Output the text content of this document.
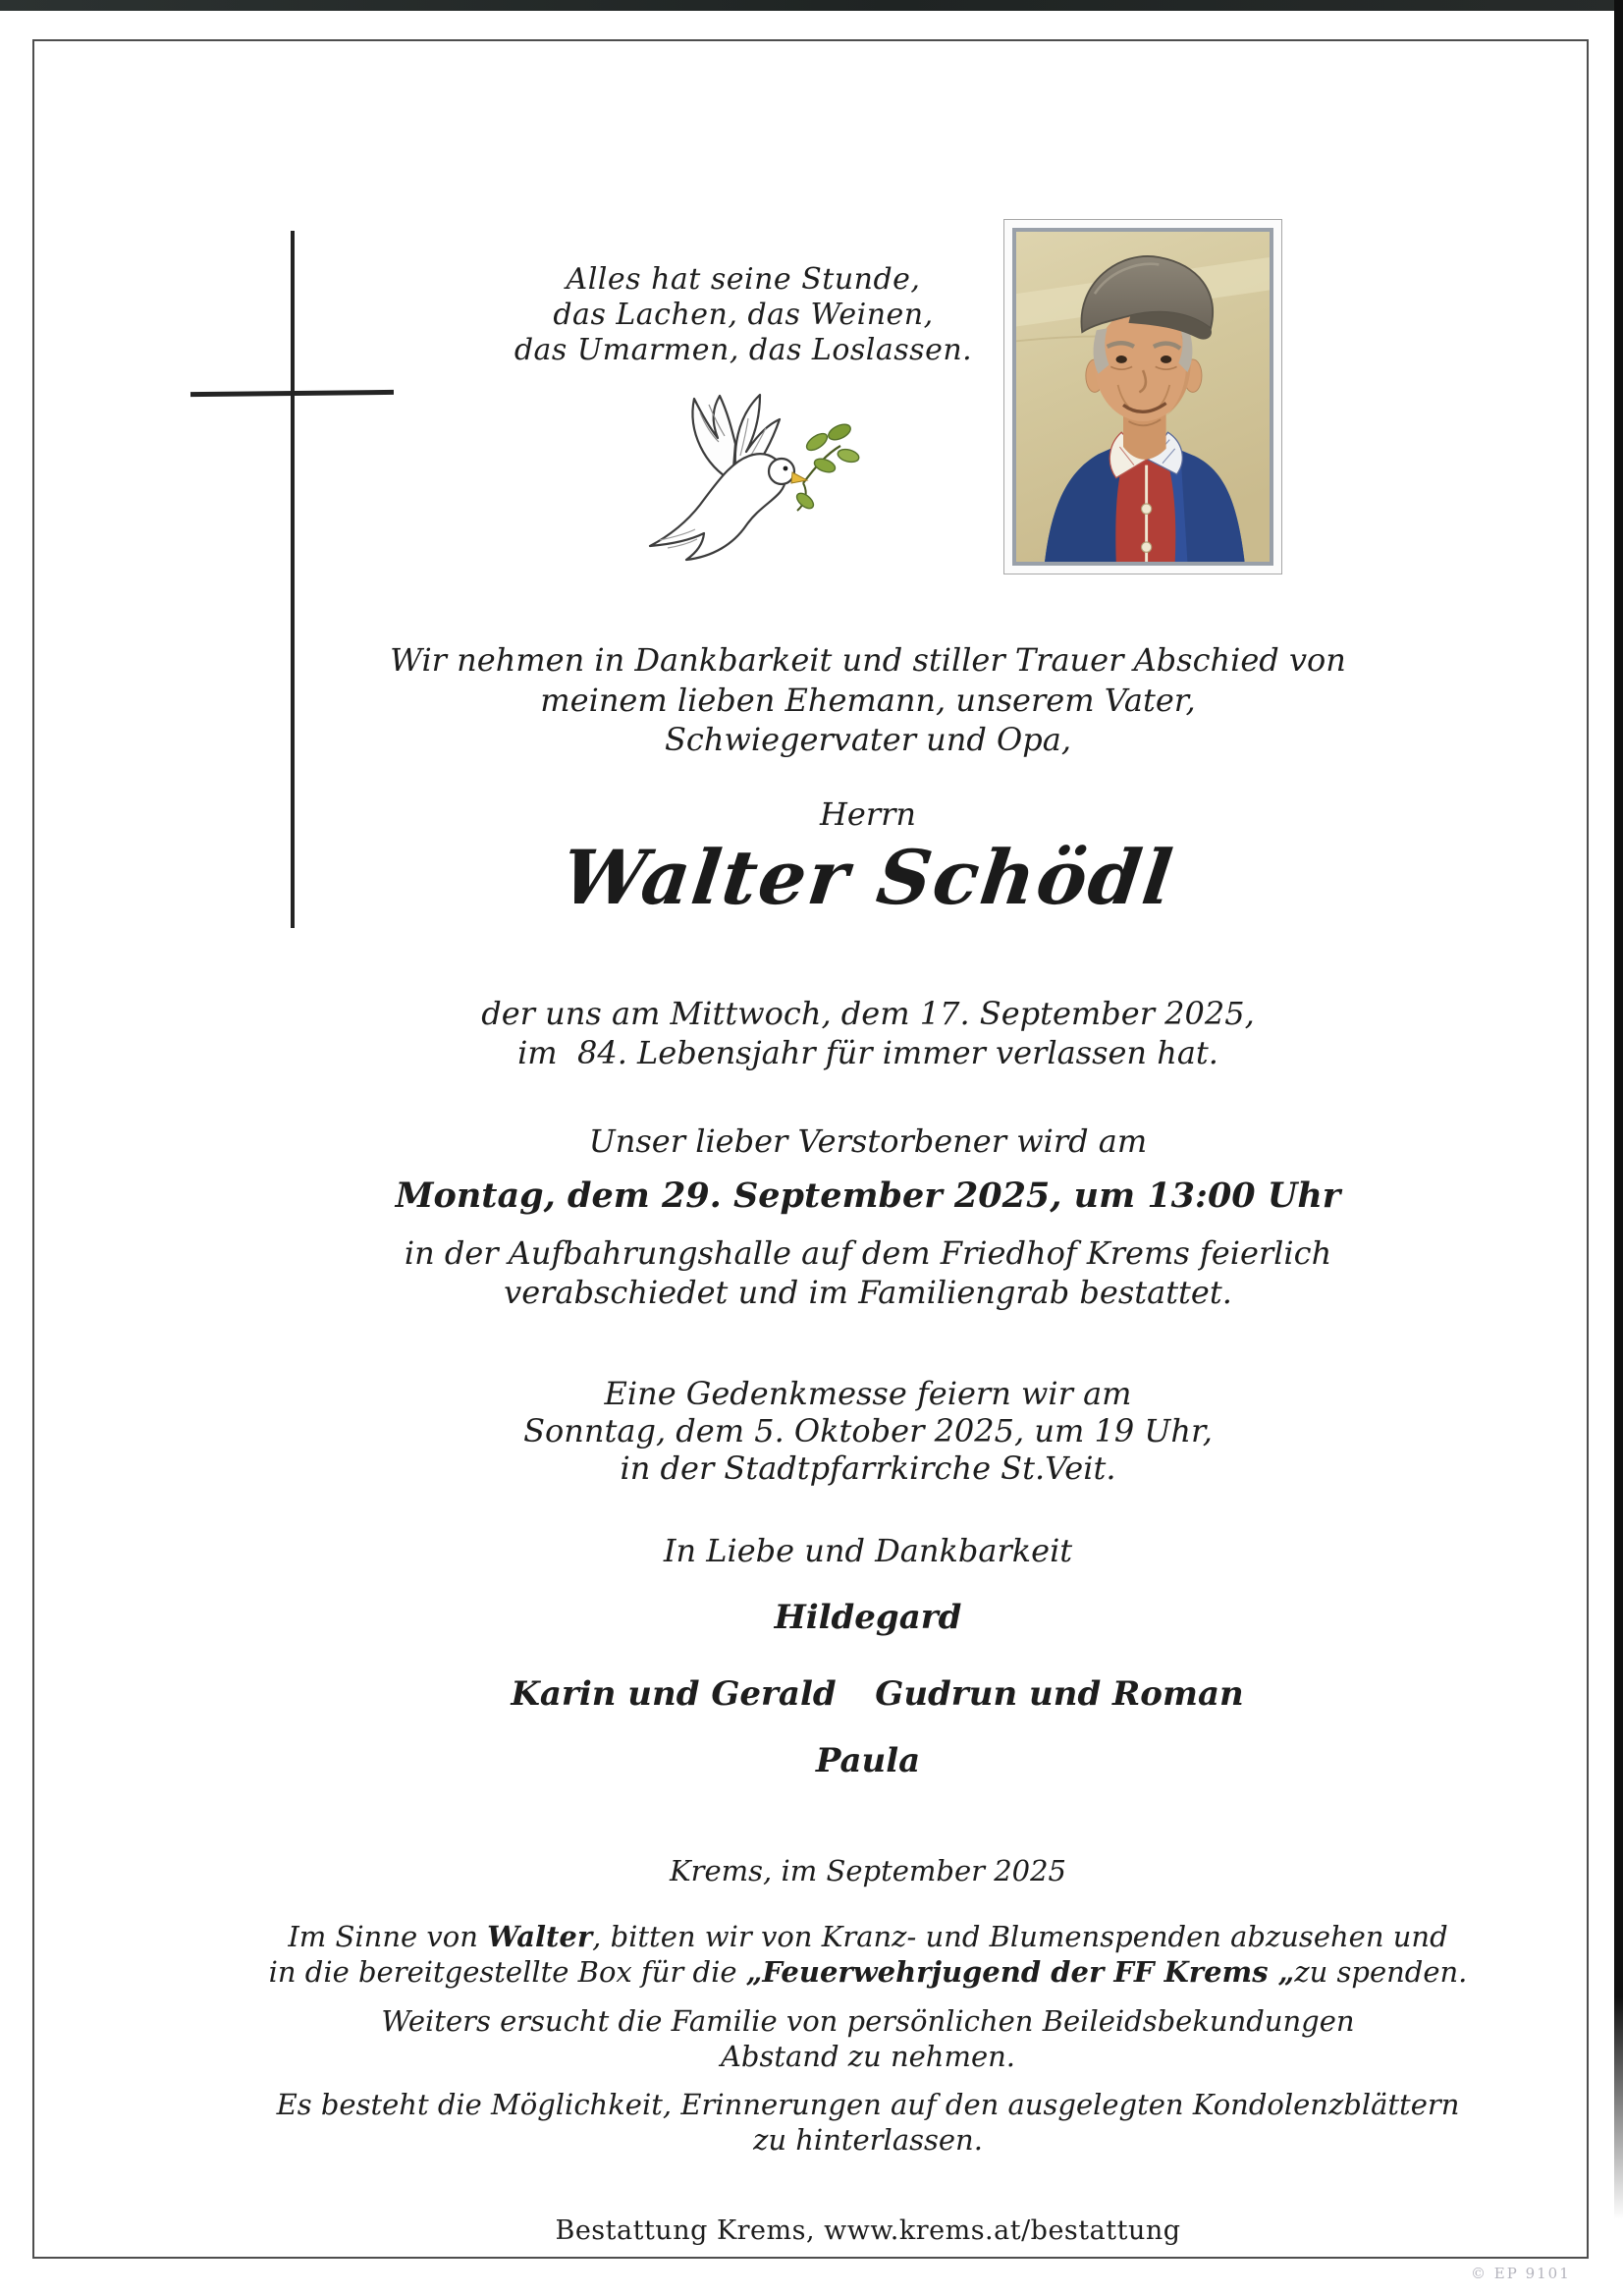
Alles hat seine Stunde,
das Lachen, das Weinen,
das Umarmen, das Loslassen.
Wir nehmen in Dankbarkeit und stiller Trauer Abschied von
meinem lieben Ehemann, unserem Vater,
Schwiegervater und Opa,
Herrn
Walter Schödl
der uns am Mittwoch, dem 17. September 2025,
im  84. Lebensjahr für immer verlassen hat.
Unser lieber Verstorbener wird am
Montag, dem 29. September 2025, um 13:00 Uhr
in der Aufbahrungshalle auf dem Friedhof Krems feierlich
verabschiedet und im Familiengrab bestattet.
Eine Gedenkmesse feiern wir am
Sonntag, dem 5. Oktober 2025, um 19 Uhr,
in der Stadtpfarrkirche St.Veit.
In Liebe und Dankbarkeit
Hildegard
Karin und Gerald Gudrun und Roman
Paula
Krems, im September 2025
Im Sinne von Walter, bitten wir von Kranz- und Blumenspenden abzusehen und
in die bereitgestellte Box für die „Feuerwehrjugend der FF Krems „zu spenden.
Weiters ersucht die Familie von persönlichen Beileidsbekundungen
Abstand zu nehmen.
Es besteht die Möglichkeit, Erinnerungen auf den ausgelegten Kondolenzblättern
zu hinterlassen.
Bestattung Krems, www.krems.at/bestattung
© EP 9101
